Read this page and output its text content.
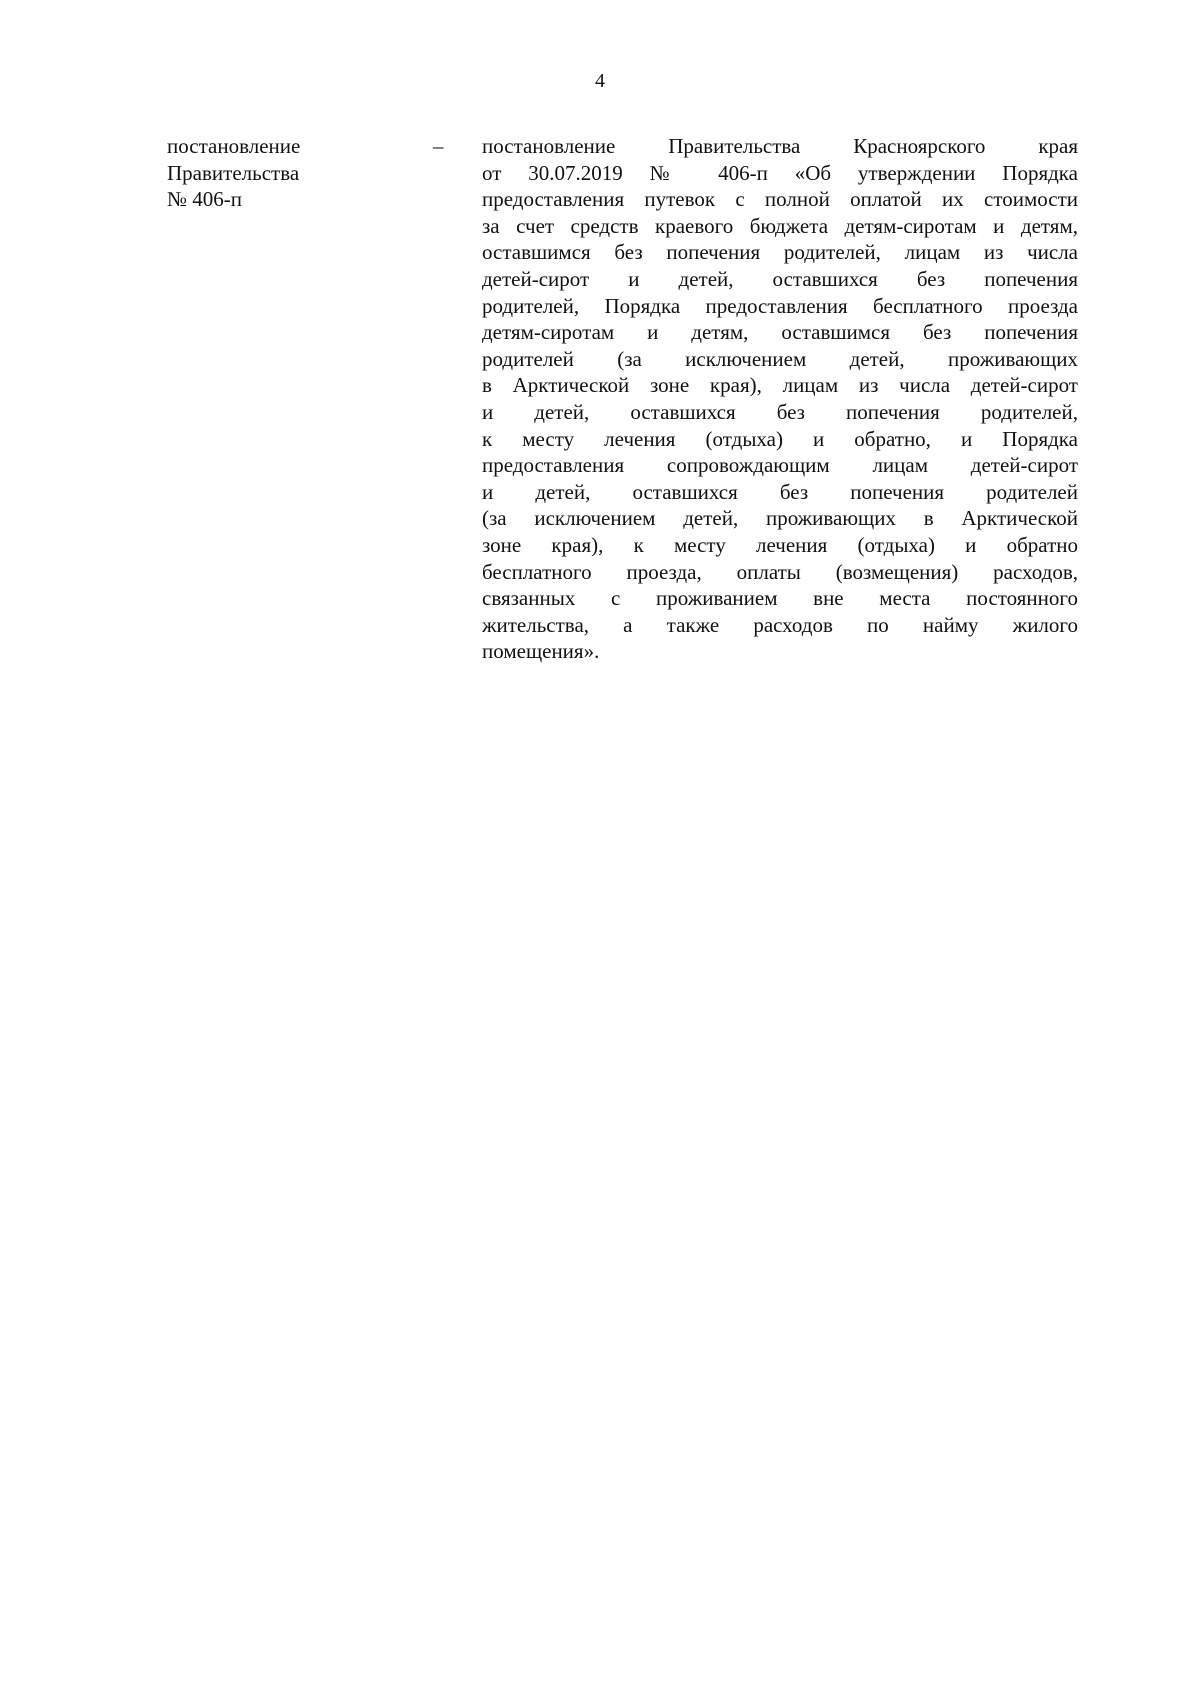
4
постановление
Правительства
№ 406-п
– постановление Правительства Красноярского края
от 30.07.2019 № 406-п «Об утверждении Порядка
предоставления путевок с полной оплатой их стоимости
за счет средств краевого бюджета детям-сиротам и детям,
оставшимся без попечения родителей, лицам из числа
детей-сирот и детей, оставшихся без попечения
родителей, Порядка предоставления бесплатного проезда
детям-сиротам и детям, оставшимся без попечения
родителей (за исключением детей, проживающих
в Арктической зоне края), лицам из числа детей-сирот
и детей, оставшихся без попечения родителей,
к месту лечения (отдыха) и обратно, и Порядка
предоставления сопровождающим лицам детей-сирот
и детей, оставшихся без попечения родителей
(за исключением детей, проживающих в Арктической
зоне края), к месту лечения (отдыха) и обратно
бесплатного проезда, оплаты (возмещения) расходов,
связанных с проживанием вне места постоянного
жительства, а также расходов по найму жилого
помещения».
